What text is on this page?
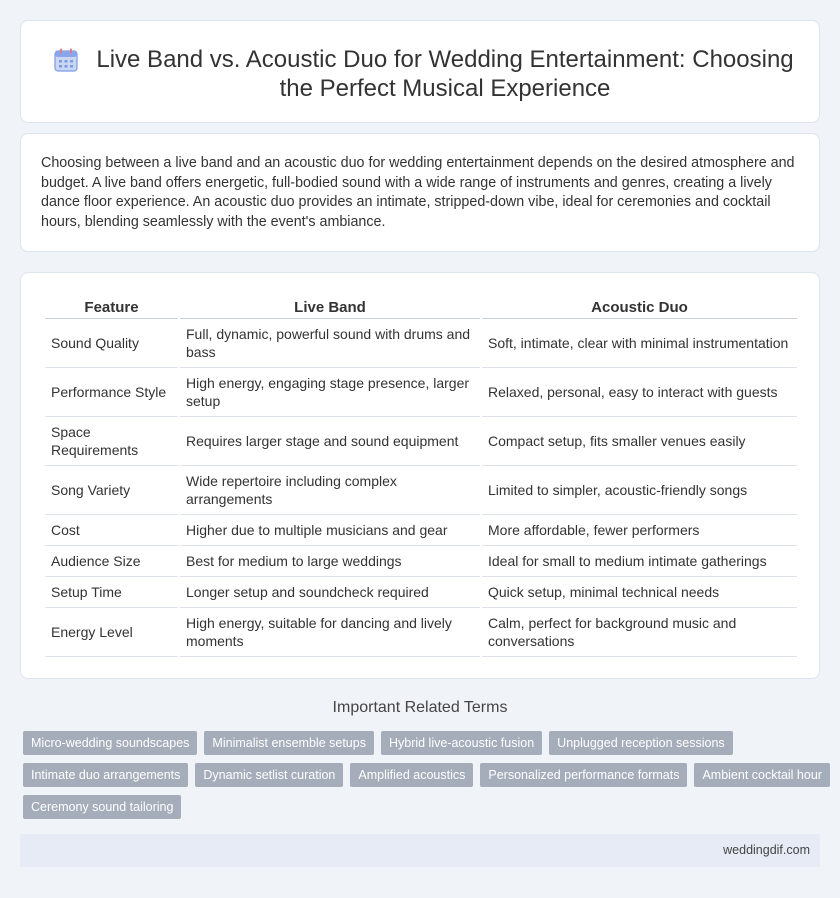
Live Band vs. Acoustic Duo for Wedding Entertainment: Choosing the Perfect Musical Experience

Choosing between a live band and an acoustic duo for wedding entertainment depends on the desired atmosphere and budget. A live band offers energetic, full-bodied sound with a wide range of instruments and genres, creating a lively dance floor experience. An acoustic duo provides an intimate, stripped-down vibe, ideal for ceremonies and cocktail hours, blending seamlessly with the event's ambiance.

Feature	Live Band	Acoustic Duo
Sound Quality	Full, dynamic, powerful sound with drums and bass	Soft, intimate, clear with minimal instrumentation
Performance Style	High energy, engaging stage presence, larger setup	Relaxed, personal, easy to interact with guests
Space Requirements	Requires larger stage and sound equipment	Compact setup, fits smaller venues easily
Song Variety	Wide repertoire including complex arrangements	Limited to simpler, acoustic-friendly songs
Cost	Higher due to multiple musicians and gear	More affordable, fewer performers
Audience Size	Best for medium to large weddings	Ideal for small to medium intimate gatherings
Setup Time	Longer setup and soundcheck required	Quick setup, minimal technical needs
Energy Level	High energy, suitable for dancing and lively moments	Calm, perfect for background music and conversations
Important Related Terms
Micro-wedding soundscapes	Minimalist ensemble setups	Hybrid live-acoustic fusion	Unplugged reception sessions
Intimate duo arrangements	Dynamic setlist curation	Amplified acoustics	Personalized performance formats	Ambient cocktail hour
Ceremony sound tailoring
weddingdif.com
